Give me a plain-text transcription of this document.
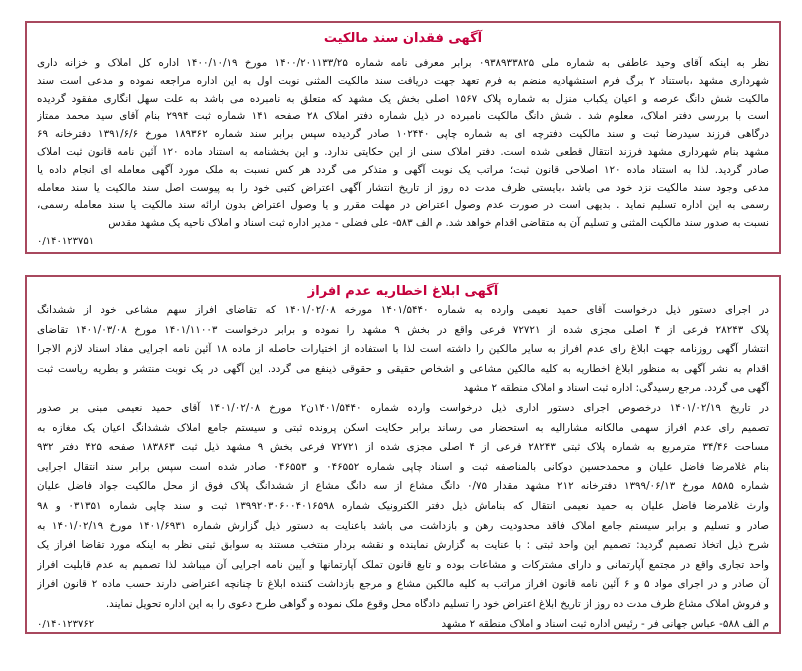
آگهی فقدان سند مالکیت
نظر به اینکه آقای وحید عاطفی به شماره ملی ۰۹۳۸۹۳۳۸۲۵ برابر معرفی نامه شماره ۱۴۰۰/۲۰۱۱۳۳/۲۵ مورخ ۱۴۰۰/۱۰/۱۹ اداره کل املاک و خزانه داری
شهرداری مشهد ،باستناد ۲ برگ فرم استشهادیه منضم به فرم تعهد جهت دریافت سند مالکیت المثنی نوبت اول به این اداره مراجعه نموده و مدعی است سند
مالکیت شش دانگ عرصه و اعیان یکباب منزل به شماره پلاک ۱۵۶۷ اصلی بخش یک مشهد که متعلق به نامبرده می باشد به علت سهل انگاری مفقود گردیده
است با بررسی دفتر املاک، معلوم شد . شش دانگ مالکیت نامبرده در ذیل شماره دفتر املاک ۲۸ صفحه ۱۴۱ شماره ثبت ۲۹۹۴ بنام آقای سید محمد ممتاز
درگاهی فرزند سیدرضا ثبت و سند مالکیت دفترچه ای به شماره چاپی ۱۰۲۴۴۰ صادر گردیده سپس برابر سند شماره ۱۸۹۳۶۲ مورخ ۱۳۹۱/۶/۶ دفترخانه ۶۹
مشهد بنام شهرداری مشهد فرزند انتقال قطعی شده است. دفتر املاک سنی از این حکایتی ندارد. و این بخشنامه به استناد ماده ۱۲۰ آئین نامه قانون ثبت املاک
صادر گردید. لذا به استناد ماده ۱۲۰ اصلاحی قانون ثبت؛ مراتب یک نوبت آگهی و متذکر می گردد هر کس نسبت به ملک مورد آگهی معامله ای انجام داده یا
مدعی وجود سند مالکیت نزد خود می باشد ،بایستی ظرف مدت ده روز از تاریخ انتشار آگهی اعتراض کتبی خود را به پیوست اصل سند مالکیت یا سند معامله
رسمی به این اداره تسلیم نماید . بدیهی است در صورت عدم وصول اعتراض در مهلت مقرر و یا وصول اعتراض بدون ارائه سند مالکیت یا سند معامله رسمی،
نسبت به صدور سند مالکیت المثنی و تسلیم آن به متقاضی اقدام خواهد شد. م الف ۵۸۳- علی فضلی - مدیر اداره ثبت اسناد و املاک ناحیه یک مشهد مقدس
۰/۱۴۰۱۲۳۷۵۱
آگهی ابلاغ اخطاریه عدم افراز
در اجرای دستور ذیل درخواست آقای حمید نعیمی وارده به شماره ۱۴۰۱/۵۴۴۰ مورخه ۱۴۰۱/۰۲/۰۸ که تقاضای افراز سهم مشاعی خود از ششدانگ
پلاک ۲۸۲۴۳ فرعی از ۴ اصلی مجزی شده از ۷۲۷۲۱ فرعی واقع در بخش ۹ مشهد را نموده و برابر درخواست ۱۴۰۱/۱۱۰۰۳ مورخ ۱۴۰۱/۰۳/۰۸ تقاضای
انتشار آگهی روزنامه جهت ابلاغ رای عدم افراز به سایر مالکین را داشته است لذا با استفاده از اختیارات حاصله از ماده ۱۸ آئین نامه اجرایی مفاد اسناد لازم الاجرا
اقدام به نشر آگهی به منظور ابلاغ اخطاریه به کلیه مالکین مشاعی و اشخاص حقیقی و حقوقی ذینفع می گردد. این آگهی در یک نوبت منتشر و بطریه ریاست ثبت
آگهی می گردد. مرجع رسیدگی: اداره ثبت اسناد و املاک منطقه ۲ مشهد
در تاریخ ۱۴۰۱/۰۲/۱۹ درخصوص اجرای دستور اداری ذیل درخواست وارده شماره ۱۴۰۱/۵۴۴۰ن۲ مورخ ۱۴۰۱/۰۲/۰۸ آقای حمید نعیمی مبنی بر صدور
تصمیم رای عدم افراز سهمی مالکانه مشارالیه به استحضار می رساند برابر حکایت اسکن پرونده ثبتی و سیستم جامع املاک ششدانگ اعیان یک مغازه به
مساحت ۳۴/۴۶ مترمربع به شماره پلاک ثبتی ۲۸۲۴۳ فرعی از ۴ اصلی مجزی شده از ۷۲۷۲۱ فرعی بخش ۹ مشهد ذیل ثبت ۱۸۳۸۶۳ صفحه ۴۲۵ دفتر ۹۳۲
بنام غلامرضا فاضل علیان و محمدحسین دوکانی بالمناصفه ثبت و اسناد چاپی شماره ۰۴۶۵۵۲ و ۰۴۶۵۵۳ صادر شده است سپس برابر سند انتقال اجرایی
شماره ۸۵۸۵ مورخ ۱۳۹۹/۰۶/۱۳ دفترخانه ۲۱۲ مشهد مقدار ۰/۷۵ دانگ مشاع از سه دانگ مشاع از ششدانگ پلاک فوق از محل مالکیت جواد فاضل علیان
وارث غلامرضا فاضل علیان به حمید نعیمی انتقال که بناماش ذیل دفتر الکترونیک شماره ۱۳۹۹۲۰۳۰۶۰۰۴۰۱۶۵۹۸ ثبت و سند چاپی شماره ۰۳۱۳۵۱ و ۹۸
صادر و تسلیم و برابر سیستم جامع املاک فاقد محدودیت رهن و بازداشت می باشد باعنایت به دستور ذیل گزارش شماره ۱۴۰۱/۶۹۳۱ مورخ ۱۴۰۱/۰۲/۱۹ به
شرح ذیل اتخاذ تصمیم گردید: تصمیم این واحد ثبتی : با عنایت به گزارش نماینده و نقشه بردار منتخب مستند به سوابق ثبتی نظر به اینکه مورد تقاضا افراز یک
واحد تجاری واقع در مجتمع آپارتمانی و دارای مشترکات و مشاعات بوده و تابع قانون تملک آپارتمانها و آیین نامه اجرایی آن میباشد لذا تصمیم به عدم قابلیت افراز
آن صادر و در اجرای مواد ۵ و ۶ آئین نامه قانون افراز مراتب به کلیه مالکین مشاع و مرجع بازداشت کننده ابلاغ تا چنانچه اعتراضی دارند حسب ماده ۲ قانون افراز
و فروش املاک مشاع ظرف مدت ده روز از تاریخ ابلاغ اعتراض خود را تسلیم دادگاه محل وقوع ملک نموده و گواهی طرح دعوی را به این اداره تحویل نمایند.
م الف ۵۸۸- عباس جهانی فر - رئیس اداره ثبت اسناد و املاک منطقه ۲ مشهد
۰/۱۴۰۱۲۳۷۶۲
